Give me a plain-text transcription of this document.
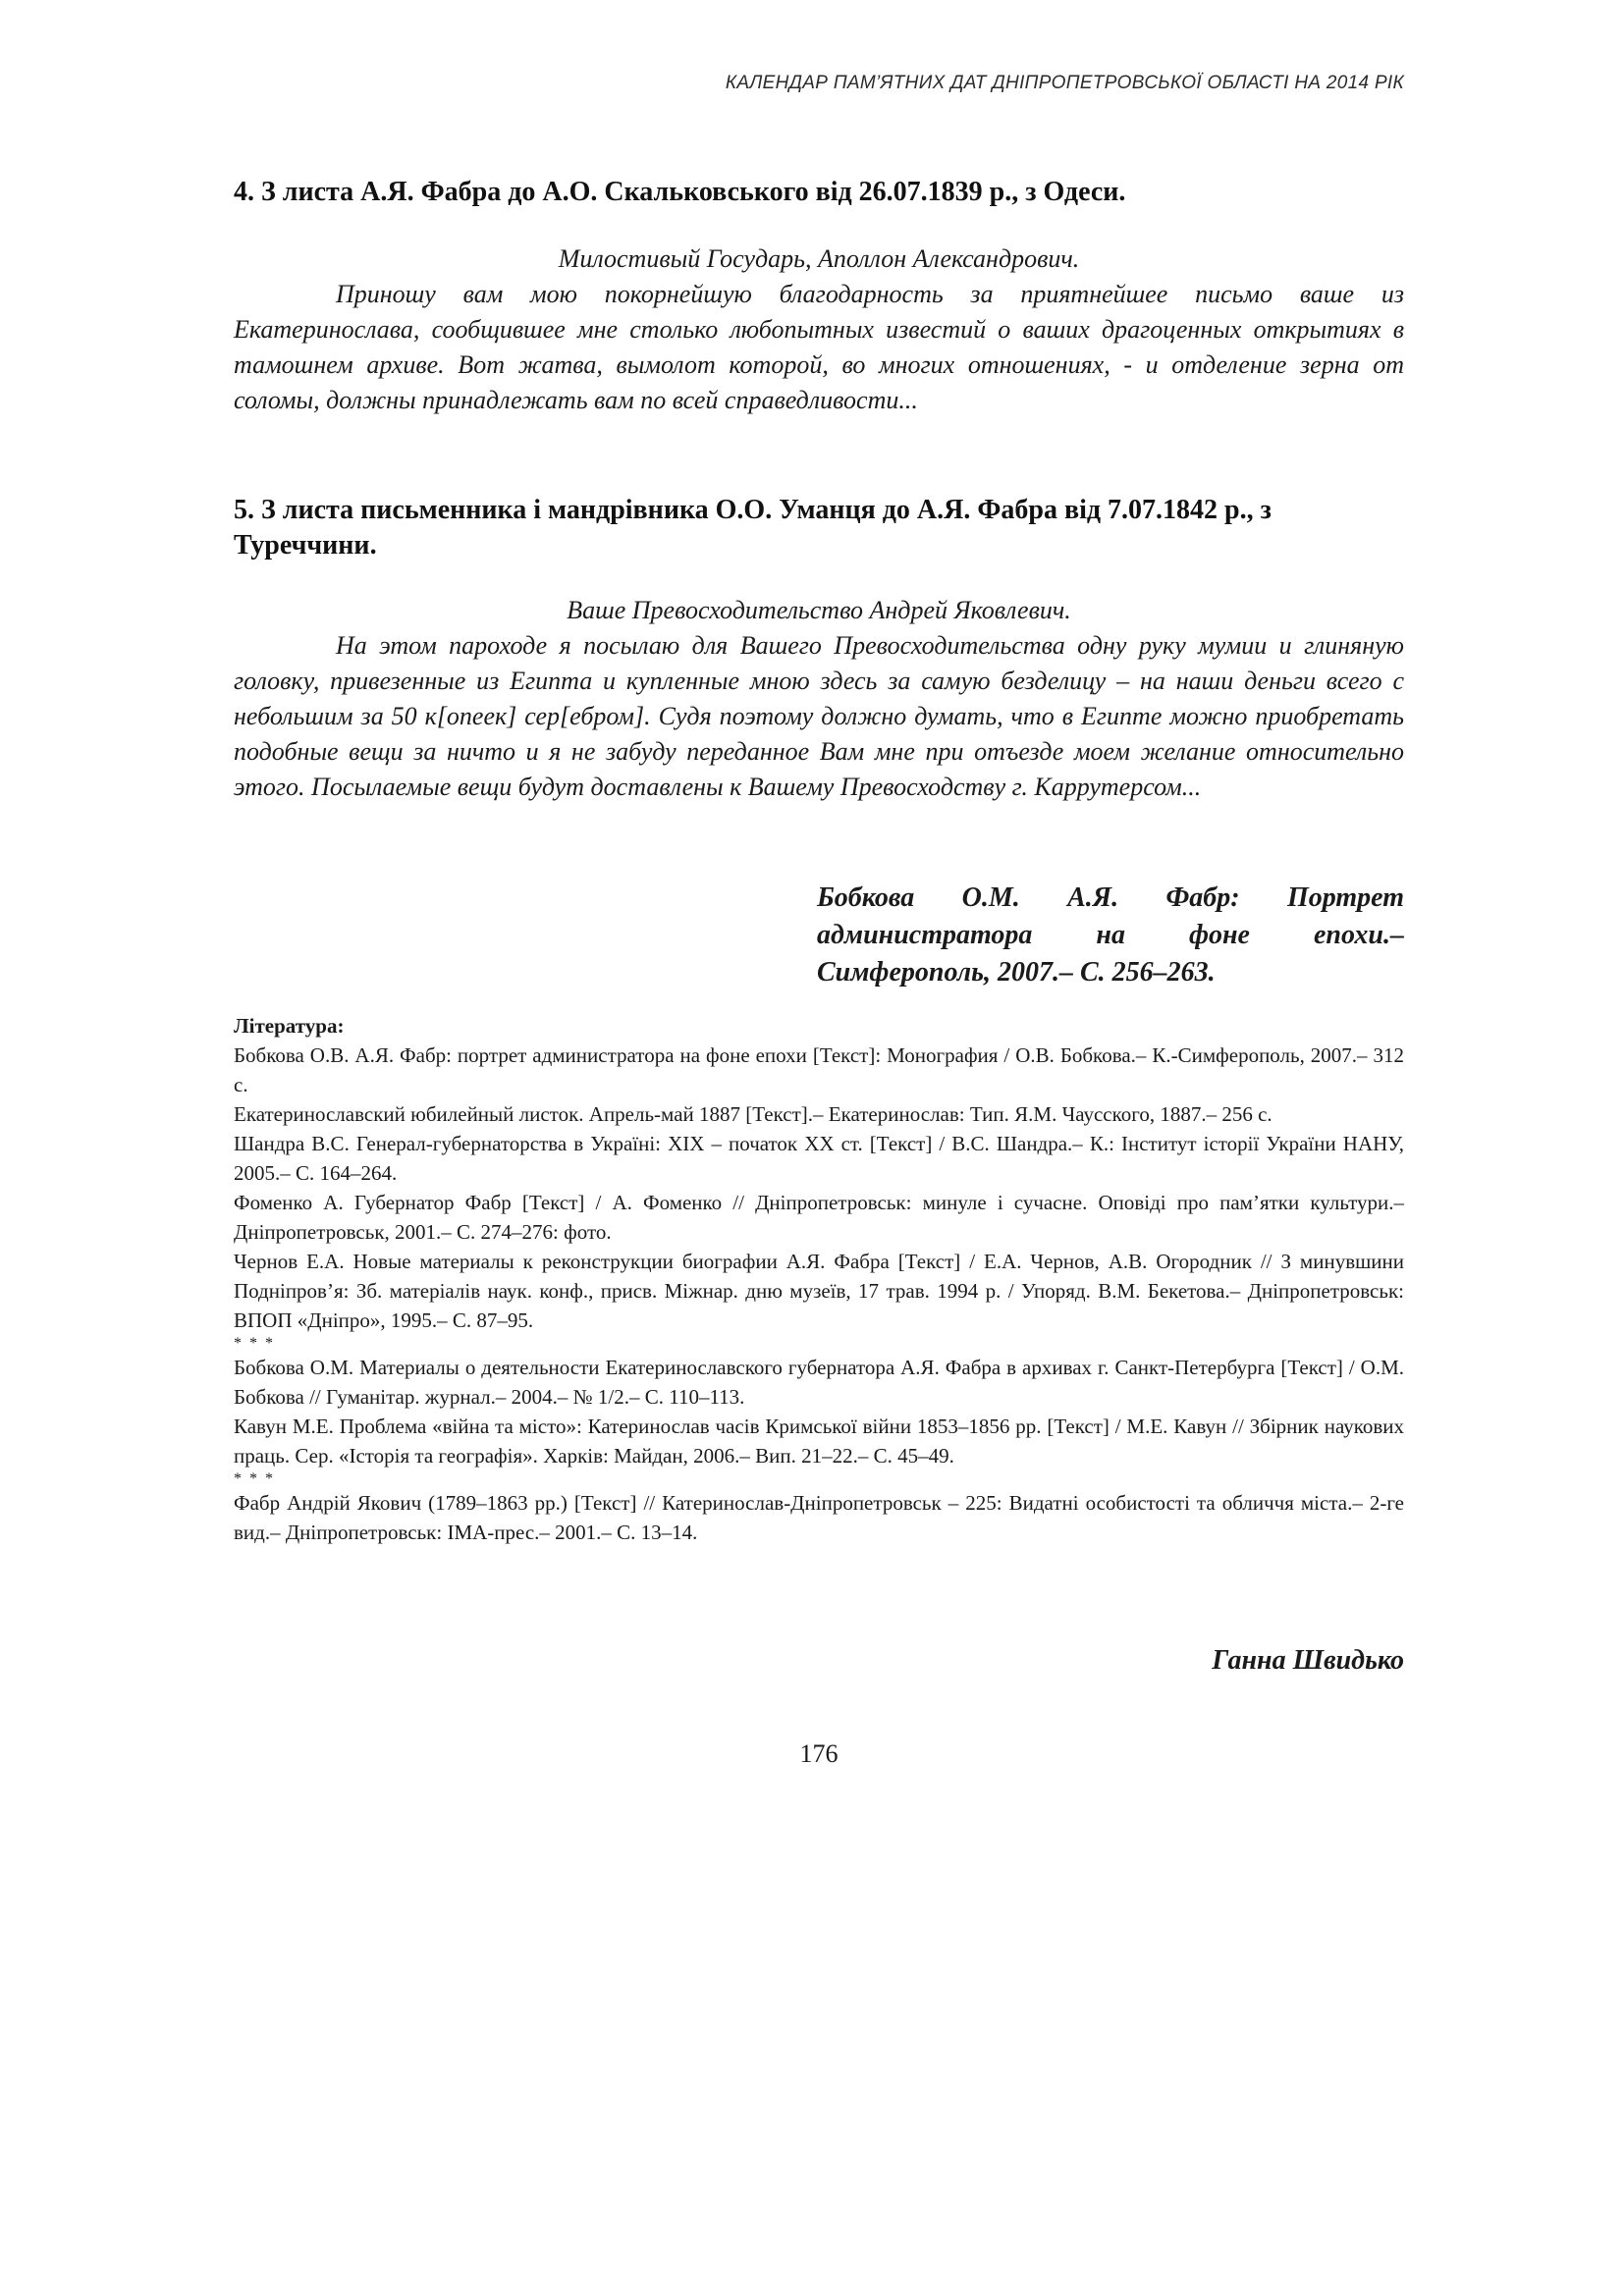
КАЛЕНДАР ПАМ’ЯТНИХ ДАТ ДНІПРОПЕТРОВСЬКОЇ ОБЛАСТІ НА 2014 РІК
4. З листа А.Я. Фабра до А.О. Скальковського від 26.07.1839 р., з Одеси.
Милостивый Государь, Аполлон Александрович.

Приношу вам мою покорнейшую благодарность за приятнейшее письмо ваше из Екатеринослава, сообщившее мне столько любопытных известий о ваших драгоценных открытиях в тамошнем архиве. Вот жатва, вымолот которой, во многих отношениях, - и отделение зерна от соломы, должны принадлежать вам по всей справедливости...

5. З листа письменника і мандрівника О.О. Уманця до А.Я. Фабра від 7.07.1842 р., з Туреччини.
Ваше Превосходительство Андрей Яковлевич.

На этом пароходе я посылаю для Вашего Превосходительства одну руку мумии и глиняную головку, привезенные из Египта и купленные мною здесь за самую безделицу – на наши деньги всего с небольшим за 50 к[опеек] сер[ебром]. Судя поэтому должно думать, что в Египте можно приобретать подобные вещи за ничто и я не забуду переданное Вам мне при отъезде моем желание относительно этого. Посылаемые вещи будут доставлены к Вашему Превосходству г. Каррутерсом...

Бобкова О.М. А.Я. Фабр: Портрет администратора на фоне епохи.– Симферополь, 2007.– С. 256–263.

Література:
Бобкова О.В. А.Я. Фабр: портрет администратора на фоне епохи [Текст]: Монография / О.В. Бобкова.– К.-Симферополь, 2007.– 312 с.
Екатеринославский юбилейный листок. Апрель-май 1887 [Текст].– Екатеринослав: Тип. Я.М. Чаусского, 1887.– 256 с.
Шандра В.С. Генерал-губернаторства в Україні: XIX – початок XX ст. [Текст] / В.С. Шандра.– К.: Інститут історії України НАНУ, 2005.– С. 164–264.
Фоменко А. Губернатор Фабр [Текст] / А. Фоменко // Дніпропетровськ: минуле і сучасне. Оповіді про пам’ятки культури.– Дніпропетровськ, 2001.– С. 274–276: фото.
Чернов Е.А. Новые материалы к реконструкции биографии А.Я. Фабра [Текст] / Е.А. Чернов, А.В. Огородник // З минувшини Подніпров’я: Зб. матеріалів наук. конф., присв. Міжнар. дню музеїв, 17 трав. 1994 р. / Упоряд. В.М. Бекетова.– Дніпропетровськ: ВПОП «Дніпро», 1995.– С. 87–95.
* * *
Бобкова О.М. Материалы о деятельности Екатеринославского губернатора А.Я. Фабра в архивах г. Санкт-Петербурга [Текст] / О.М. Бобкова // Гуманітар. журнал.– 2004.– № 1/2.– С. 110–113.
Кавун М.Е. Проблема «війна та місто»: Катеринослав часів Кримської війни 1853–1856 рр. [Текст] / М.Е. Кавун // Збірник наукових праць. Сер. «Історія та географія». Харків: Майдан, 2006.– Вип. 21–22.– С. 45–49.
* * *
Фабр Андрій Якович (1789–1863 рр.) [Текст] // Катеринослав-Дніпропетровськ – 225: Видатні особистості та обличчя міста.– 2-ге вид.– Дніпропетровськ: ІМА-прес.– 2001.– С. 13–14.
Ганна Швидько
176
